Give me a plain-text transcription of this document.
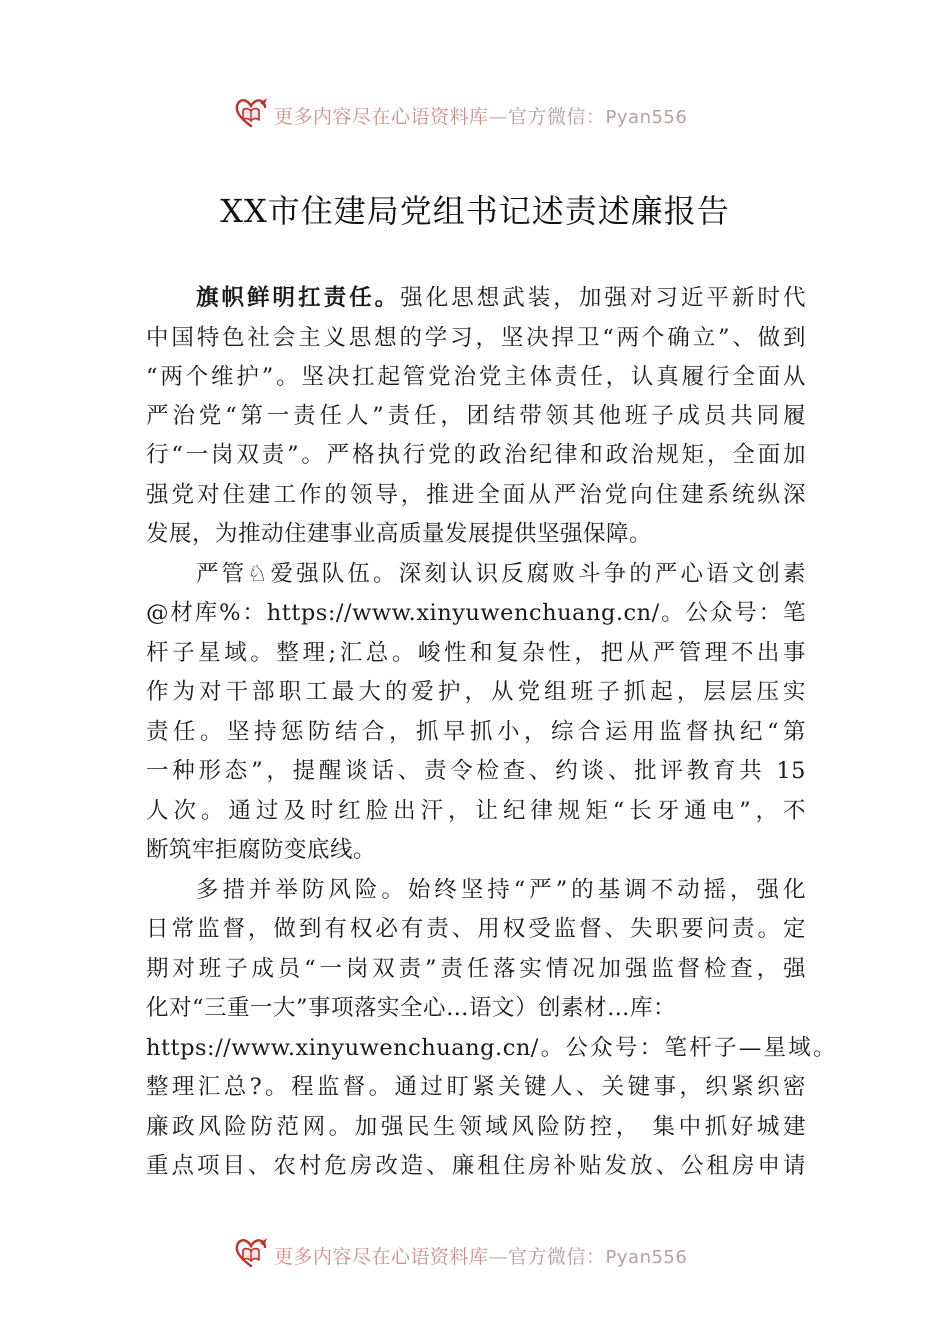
更多内容尽在心语资料库—官方微信：Pyan556
XX市住建局党组书记述责述廉报告
旗帜鲜明扛责任。强化思想武装，加强对习近平新时代
中国特色社会主义思想的学习，坚决捍卫“两个确立”、做到
“两个维护”。坚决扛起管党治党主体责任，认真履行全面从
严治党“第一责任人”责任，团结带领其他班子成员共同履
行“一岗双责”。严格执行党的政治纪律和政治规矩，全面加
强党对住建工作的领导，推进全面从严治党向住建系统纵深
发展，为推动住建事业高质量发展提供坚强保障。
严管♘爱强队伍。深刻认识反腐败斗争的严心语文创素
@材库%：https://www.xinyuwenchuang.cn/。公众号：笔
杆子星域。整理;汇总。峻性和复杂性，把从严管理不出事
作为对干部职工最大的爱护，从党组班子抓起，层层压实
责任。坚持惩防结合，抓早抓小，综合运用监督执纪“第
一种形态”，提醒谈话、责令检查、约谈、批评教育共 15
人次。通过及时红脸出汗，让纪律规矩“长牙通电”，不
断筑牢拒腐防变底线。
多措并举防风险。始终坚持“严”的基调不动摇，强化
日常监督，做到有权必有责、用权受监督、失职要问责。定
期对班子成员“一岗双责”责任落实情况加强监督检查，强
化对“三重一大”事项落实全心…语文）创素材…库：
https://www.xinyuwenchuang.cn/。公众号：笔杆子—星域。
整理汇总?。程监督。通过盯紧关键人、关键事，织紧织密
廉政风险防范网。加强民生领域风险防控， 集中抓好城建
重点项目、农村危房改造、廉租住房补贴发放、公租房申请
更多内容尽在心语资料库—官方微信：Pyan556
